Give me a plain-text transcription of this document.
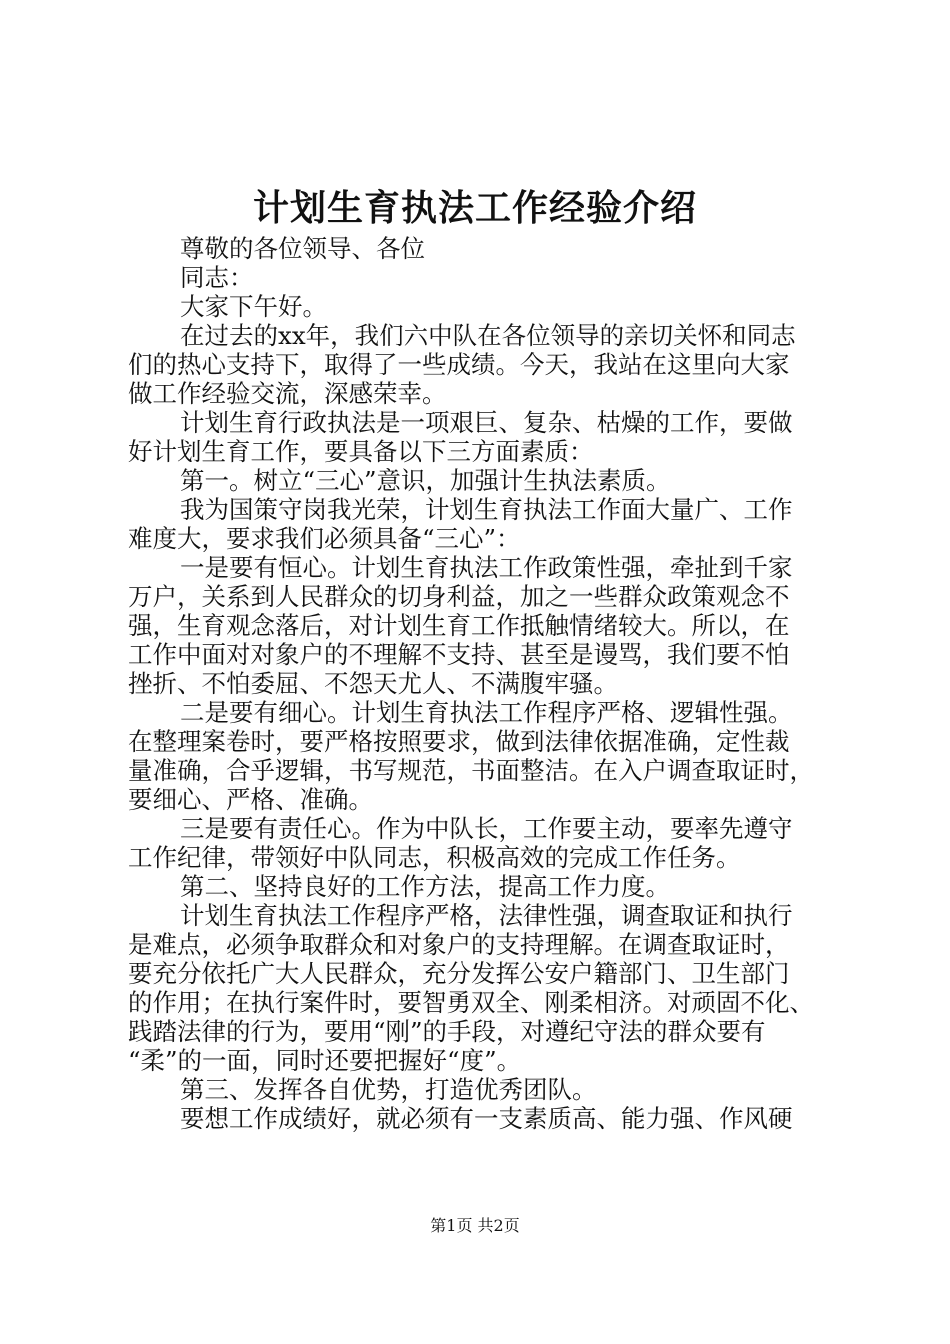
计划生育执法工作经验介绍
尊敬的各位领导、各位
同志：
大家下午好。
在过去的xx年，我们六中队在各位领导的亲切关怀和同志
们的热心支持下，取得了一些成绩。今天，我站在这里向大家
做工作经验交流，深感荣幸。
计划生育行政执法是一项艰巨、复杂、枯燥的工作，要做
好计划生育工作，要具备以下三方面素质：
第一。树立“三心”意识，加强计生执法素质。
我为国策守岗我光荣，计划生育执法工作面大量广、工作
难度大，要求我们必须具备“三心”：
一是要有恒心。计划生育执法工作政策性强，牵扯到千家
万户，关系到人民群众的切身利益，加之一些群众政策观念不
强，生育观念落后，对计划生育工作抵触情绪较大。所以，在
工作中面对对象户的不理解不支持、甚至是谩骂，我们要不怕
挫折、不怕委屈、不怨天尤人、不满腹牢骚。
二是要有细心。计划生育执法工作程序严格、逻辑性强。
在整理案卷时，要严格按照要求，做到法律依据准确，定性裁
量准确，合乎逻辑，书写规范，书面整洁。在入户调查取证时，
要细心、严格、准确。
三是要有责任心。作为中队长，工作要主动，要率先遵守
工作纪律，带领好中队同志，积极高效的完成工作任务。
第二、坚持良好的工作方法，提高工作力度。
计划生育执法工作程序严格，法律性强，调查取证和执行
是难点，必须争取群众和对象户的支持理解。在调查取证时，
要充分依托广大人民群众，充分发挥公安户籍部门、卫生部门
的作用；在执行案件时，要智勇双全、刚柔相济。对顽固不化、
践踏法律的行为，要用“刚”的手段，对遵纪守法的群众要有
“柔”的一面，同时还要把握好“度”。
第三、发挥各自优势，打造优秀团队。
要想工作成绩好，就必须有一支素质高、能力强、作风硬
第1页 共2页
